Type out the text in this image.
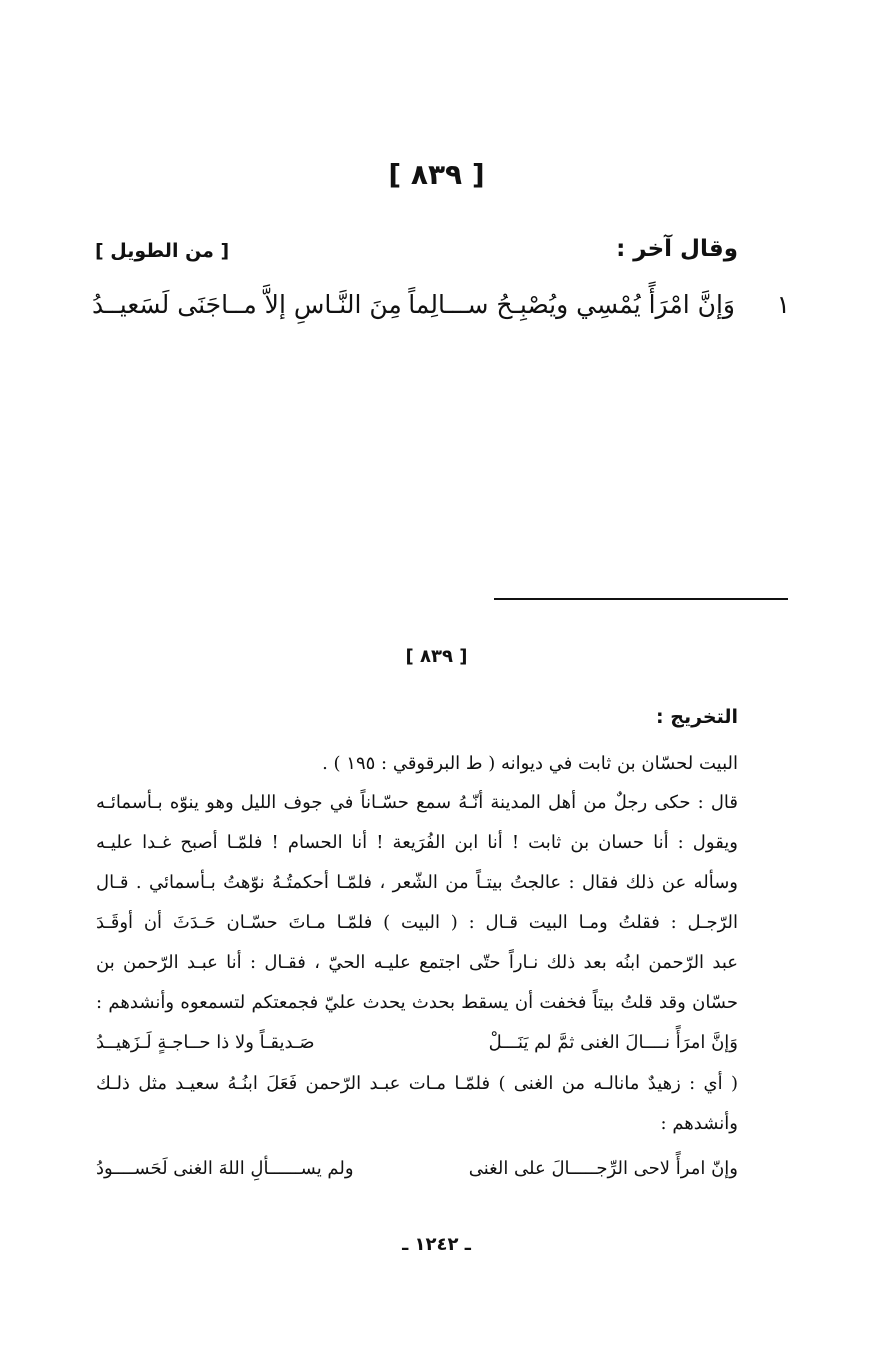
[ ٨٣٩ ]
وقال آخر :
[ من الطويل ]
١
وَإنَّ امْرَأً يُمْسِي ويُصْبِـحُ ســـالِماً
مِنَ النَّـاسِ إلاَّ مــاجَنَى لَسَعيــدُ
[ ٨٣٩ ]
التخريج :
البيت لحسّان بن ثابت في ديوانه ( ط البرقوقي : ١٩٥ ) .
قال : حكى رجلٌ من أهل المدينة أنّـهُ سمع حسّـاناً في جوف الليل وهو ينوّه بـأسمائـه
ويقول : أنا حسان بن ثابت ! أنا ابن الفُرَيعة ! أنا الحسام ! فلمّـا أصبح غـدا عليـه
وسأله عن ذلك فقال : عالجتُ بيتـاً من الشّعر ، فلمّـا أحكمتُـهُ نوّهتُ بـأسمائي . قـال
الرّجـل : فقلتُ ومـا البيت قـال : ( البيت ) فلمّـا مـاتَ حسّـان حَـدَثَ أن أوقَـدَ
عبد الرّحمن ابنُه بعد ذلك نـاراً حتّى اجتمع عليـه الحيّ ، فقـال : أنا عبـد الرّحمن بن
حسّان وقد قلتُ بيتاً فخفت أن يسقط بحدث يحدث عليّ فجمعتكم لتسمعوه وأنشدهم :
وَإنَّ امرَأً نــــالَ الغنى ثمَّ لم يَنَـــلْ
صَـديقـاً ولا ذا حــاجـةٍ لَـزَهيــدُ
( أي : زهيدٌ مانالـه من الغنى ) فلمّـا مـات عبـد الرّحمن فَعَلَ ابنُـهُ سعيـد مثل ذلـك
وأنشدهم :
وإنّ امرأً لاحى الرِّجـــــالَ على الغنى
ولم يســــــألِ اللهَ الغنى لَحَســــودُ
ـ ١٢٤٢ ـ
